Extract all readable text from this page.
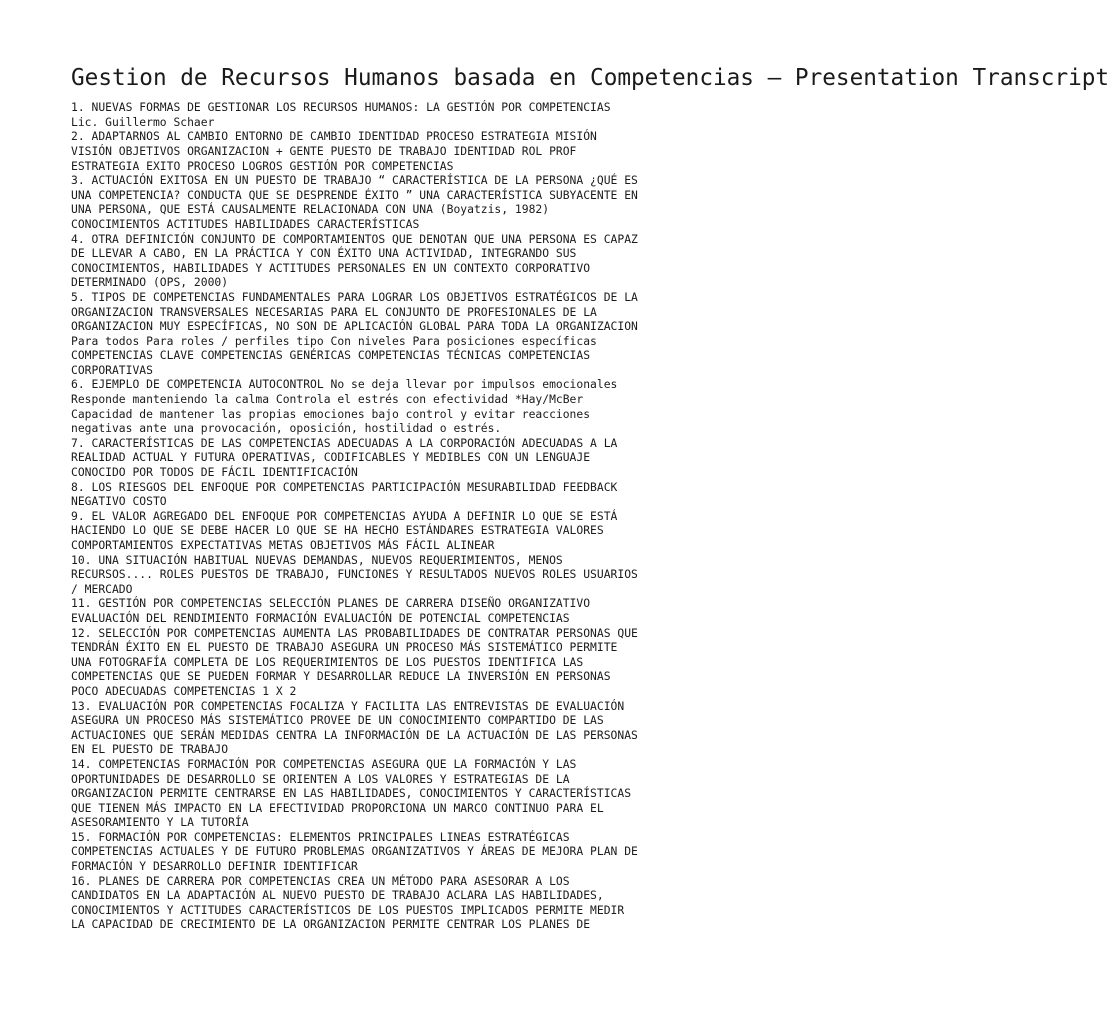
Gestion de Recursos Humanos basada en Competencias — Presentation Transcript

1. NUEVAS FORMAS DE GESTIONAR LOS RECURSOS HUMANOS: LA GESTIÓN POR COMPETENCIAS
Lic. Guillermo Schaer

2. ADAPTARNOS AL CAMBIO ENTORNO DE CAMBIO IDENTIDAD PROCESO ESTRATEGIA MISIÓN
VISIÓN OBJETIVOS ORGANIZACION + GENTE PUESTO DE TRABAJO IDENTIDAD ROL PROF
ESTRATEGIA EXITO PROCESO LOGROS GESTIÓN POR COMPETENCIAS

3. ACTUACIÓN EXITOSA EN UN PUESTO DE TRABAJO “ CARACTERÍSTICA DE LA PERSONA ¿QUÉ ES
UNA COMPETENCIA? CONDUCTA QUE SE DESPRENDE ÉXITO ” UNA CARACTERÍSTICA SUBYACENTE EN
UNA PERSONA, QUE ESTÁ CAUSALMENTE RELACIONADA CON UNA (Boyatzis, 1982)
CONOCIMIENTOS ACTITUDES HABILIDADES CARACTERÍSTICAS

4. OTRA DEFINICIÓN CONJUNTO DE COMPORTAMIENTOS QUE DENOTAN QUE UNA PERSONA ES CAPAZ
DE LLEVAR A CABO, EN LA PRÁCTICA Y CON ÉXITO UNA ACTIVIDAD, INTEGRANDO SUS
CONOCIMIENTOS, HABILIDADES Y ACTITUDES PERSONALES EN UN CONTEXTO CORPORATIVO
DETERMINADO (OPS, 2000)

5. TIPOS DE COMPETENCIAS FUNDAMENTALES PARA LOGRAR LOS OBJETIVOS ESTRATÉGICOS DE LA
ORGANIZACION TRANSVERSALES NECESARIAS PARA EL CONJUNTO DE PROFESIONALES DE LA
ORGANIZACION MUY ESPECÍFICAS, NO SON DE APLICACIÓN GLOBAL PARA TODA LA ORGANIZACION
Para todos Para roles / perfiles tipo Con niveles Para posiciones específicas
COMPETENCIAS CLAVE COMPETENCIAS GENÉRICAS COMPETENCIAS TÉCNICAS COMPETENCIAS
CORPORATIVAS

6. EJEMPLO DE COMPETENCIA AUTOCONTROL No se deja llevar por impulsos emocionales
Responde manteniendo la calma Controla el estrés con efectividad *Hay/McBer
Capacidad de mantener las propias emociones bajo control y evitar reacciones
negativas ante una provocación, oposición, hostilidad o estrés.

7. CARACTERÍSTICAS DE LAS COMPETENCIAS ADECUADAS A LA CORPORACIÓN ADECUADAS A LA
REALIDAD ACTUAL Y FUTURA OPERATIVAS, CODIFICABLES Y MEDIBLES CON UN LENGUAJE
CONOCIDO POR TODOS DE FÁCIL IDENTIFICACIÓN

8. LOS RIESGOS DEL ENFOQUE POR COMPETENCIAS PARTICIPACIÓN MESURABILIDAD FEEDBACK
NEGATIVO COSTO

9. EL VALOR AGREGADO DEL ENFOQUE POR COMPETENCIAS AYUDA A DEFINIR LO QUE SE ESTÁ
HACIENDO LO QUE SE DEBE HACER LO QUE SE HA HECHO ESTÁNDARES ESTRATEGIA VALORES
COMPORTAMIENTOS EXPECTATIVAS METAS OBJETIVOS MÁS FÁCIL ALINEAR

10. UNA SITUACIÓN HABITUAL NUEVAS DEMANDAS, NUEVOS REQUERIMIENTOS, MENOS
RECURSOS.... ROLES PUESTOS DE TRABAJO, FUNCIONES Y RESULTADOS NUEVOS ROLES USUARIOS
/ MERCADO

11. GESTIÓN POR COMPETENCIAS SELECCIÓN PLANES DE CARRERA DISEÑO ORGANIZATIVO
EVALUACIÓN DEL RENDIMIENTO FORMACIÓN EVALUACIÓN DE POTENCIAL COMPETENCIAS

12. SELECCIÓN POR COMPETENCIAS AUMENTA LAS PROBABILIDADES DE CONTRATAR PERSONAS QUE
TENDRÁN ÉXITO EN EL PUESTO DE TRABAJO ASEGURA UN PROCESO MÁS SISTEMÁTICO PERMITE
UNA FOTOGRAFÍA COMPLETA DE LOS REQUERIMIENTOS DE LOS PUESTOS IDENTIFICA LAS
COMPETENCIAS QUE SE PUEDEN FORMAR Y DESARROLLAR REDUCE LA INVERSIÓN EN PERSONAS
POCO ADECUADAS COMPETENCIAS 1 X 2

13. EVALUACIÓN POR COMPETENCIAS FOCALIZA Y FACILITA LAS ENTREVISTAS DE EVALUACIÓN
ASEGURA UN PROCESO MÁS SISTEMÁTICO PROVEE DE UN CONOCIMIENTO COMPARTIDO DE LAS
ACTUACIONES QUE SERÁN MEDIDAS CENTRA LA INFORMACIÓN DE LA ACTUACIÓN DE LAS PERSONAS
EN EL PUESTO DE TRABAJO

14. COMPETENCIAS FORMACIÓN POR COMPETENCIAS ASEGURA QUE LA FORMACIÓN Y LAS
OPORTUNIDADES DE DESARROLLO SE ORIENTEN A LOS VALORES Y ESTRATEGIAS DE LA
ORGANIZACION PERMITE CENTRARSE EN LAS HABILIDADES, CONOCIMIENTOS Y CARACTERÍSTICAS
QUE TIENEN MÁS IMPACTO EN LA EFECTIVIDAD PROPORCIONA UN MARCO CONTINUO PARA EL
ASESORAMIENTO Y LA TUTORÍA

15. FORMACIÓN POR COMPETENCIAS: ELEMENTOS PRINCIPALES LINEAS ESTRATÉGICAS
COMPETENCIAS ACTUALES Y DE FUTURO PROBLEMAS ORGANIZATIVOS Y ÁREAS DE MEJORA PLAN DE
FORMACIÓN Y DESARROLLO DEFINIR IDENTIFICAR

16. PLANES DE CARRERA POR COMPETENCIAS CREA UN MÉTODO PARA ASESORAR A LOS
CANDIDATOS EN LA ADAPTACIÓN AL NUEVO PUESTO DE TRABAJO ACLARA LAS HABILIDADES,
CONOCIMIENTOS Y ACTITUDES CARACTERÍSTICOS DE LOS PUESTOS IMPLICADOS PERMITE MEDIR
LA CAPACIDAD DE CRECIMIENTO DE LA ORGANIZACION PERMITE CENTRAR LOS PLANES DE
